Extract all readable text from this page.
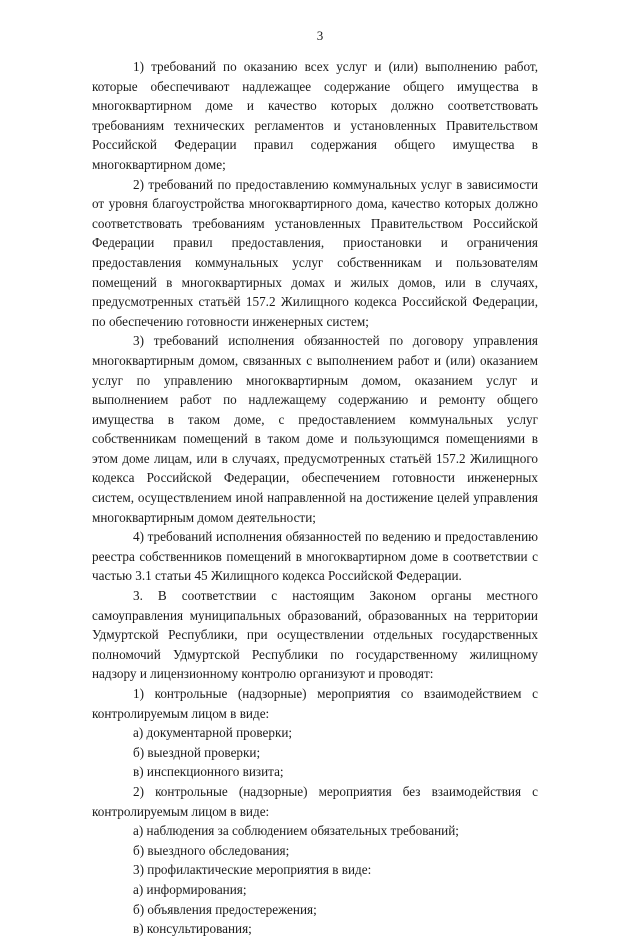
3

1) требований по оказанию всех услуг и (или) выполнению работ, которые обеспечивают надлежащее содержание общего имущества в многоквартирном доме и качество которых должно соответствовать требованиям технических регламентов и установленных Правительством Российской Федерации правил содержания общего имущества в многоквартирном доме;

2) требований по предоставлению коммунальных услуг в зависимости от уровня благоустройства многоквартирного дома, качество которых должно соответствовать требованиям установленных Правительством Российской Федерации правил предоставления, приостановки и ограничения предоставления коммунальных услуг собственникам и пользователям помещений в многоквартирных домах и жилых домов, или в случаях, предусмотренных статьёй 157.2 Жилищного кодекса Российской Федерации, по обеспечению готовности инженерных систем;

3) требований исполнения обязанностей по договору управления многоквартирным домом, связанных с выполнением работ и (или) оказанием услуг по управлению многоквартирным домом, оказанием услуг и выполнением работ по надлежащему содержанию и ремонту общего имущества в таком доме, с предоставлением коммунальных услуг собственникам помещений в таком доме и пользующимся помещениями в этом доме лицам, или в случаях, предусмотренных статьёй 157.2 Жилищного кодекса Российской Федерации, обеспечением готовности инженерных систем, осуществлением иной направленной на достижение целей управления многоквартирным домом деятельности;

4) требований исполнения обязанностей по ведению и предоставлению реестра собственников помещений в многоквартирном доме в соответствии с частью 3.1 статьи 45 Жилищного кодекса Российской Федерации.

3. В соответствии с настоящим Законом органы местного самоуправления муниципальных образований, образованных на территории Удмуртской Республики, при осуществлении отдельных государственных полномочий Удмуртской Республики по государственному жилищному надзору и лицензионному контролю организуют и проводят:

1) контрольные (надзорные) мероприятия со взаимодействием с контролируемым лицом в виде:

а) документарной проверки;

б) выездной проверки;

в) инспекционного визита;

2) контрольные (надзорные) мероприятия без взаимодействия с контролируемым лицом в виде:

а) наблюдения за соблюдением обязательных требований;

б) выездного обследования;

3) профилактические мероприятия в виде:

а) информирования;

б) объявления предостережения;

в) консультирования;
